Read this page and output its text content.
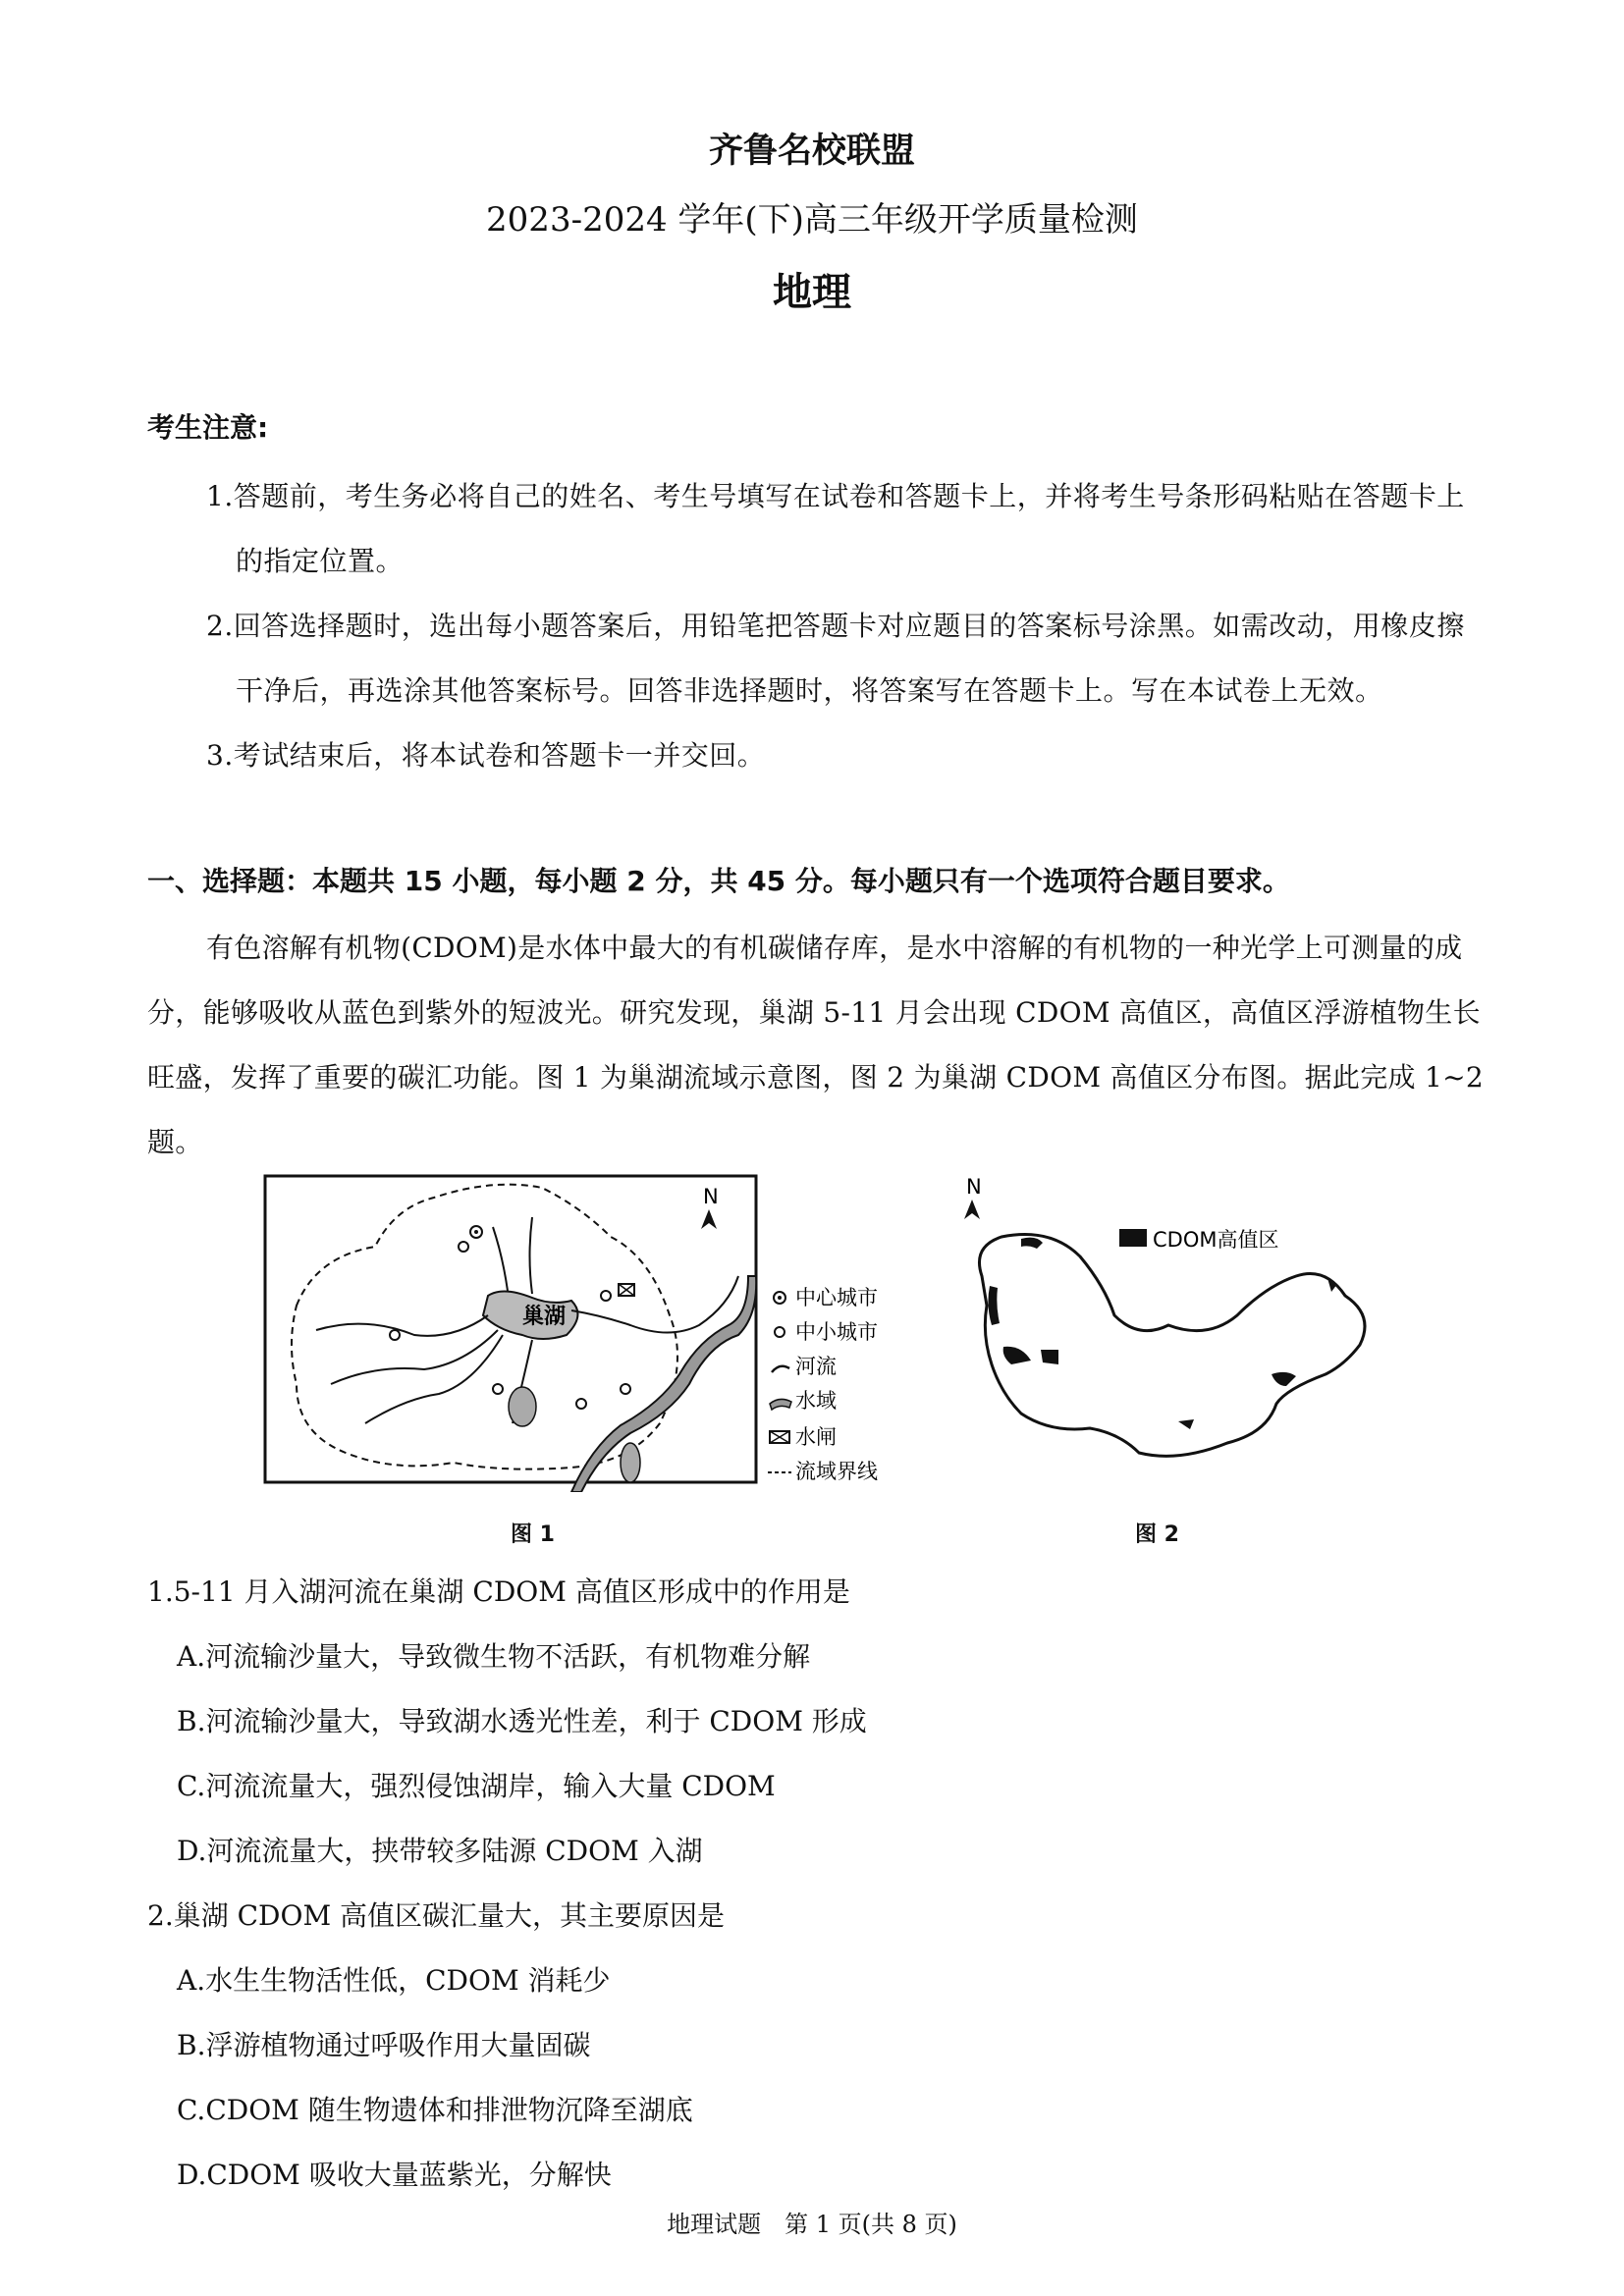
齐鲁名校联盟
2023-2024 学年(下)高三年级开学质量检测
地理
考生注意:
1.答题前，考生务必将自己的姓名、考生号填写在试卷和答题卡上，并将考生号条形码粘贴在答题卡上
的指定位置。
2.回答选择题时，选出每小题答案后，用铅笔把答题卡对应题目的答案标号涂黑。如需改动，用橡皮擦
干净后，再选涂其他答案标号。回答非选择题时，将答案写在答题卡上。写在本试卷上无效。
3.考试结束后，将本试卷和答题卡一并交回。
一、选择题：本题共 15 小题，每小题 2 分，共 45 分。每小题只有一个选项符合题目要求。
有色溶解有机物(CDOM)是水体中最大的有机碳储存库，是水中溶解的有机物的一种光学上可测量的成
分，能够吸收从蓝色到紫外的短波光。研究发现，巢湖 5-11 月会出现 CDOM 高值区，高值区浮游植物生长
旺盛，发挥了重要的碳汇功能。图 1 为巢湖流域示意图，图 2 为巢湖 CDOM 高值区分布图。据此完成 1~2
题。
N
巢湖
中心城市
中小城市
河流
水域
水闸
流域界线
图 1
N
CDOM高值区
图 2
1.5-11 月入湖河流在巢湖 CDOM 高值区形成中的作用是
A.河流输沙量大，导致微生物不活跃，有机物难分解
B.河流输沙量大，导致湖水透光性差，利于 CDOM 形成
C.河流流量大，强烈侵蚀湖岸，输入大量 CDOM
D.河流流量大，挟带较多陆源 CDOM 入湖
2.巢湖 CDOM 高值区碳汇量大，其主要原因是
A.水生生物活性低，CDOM 消耗少
B.浮游植物通过呼吸作用大量固碳
C.CDOM 随生物遗体和排泄物沉降至湖底
D.CDOM 吸收大量蓝紫光，分解快
地理试题　第 1 页(共 8 页)
